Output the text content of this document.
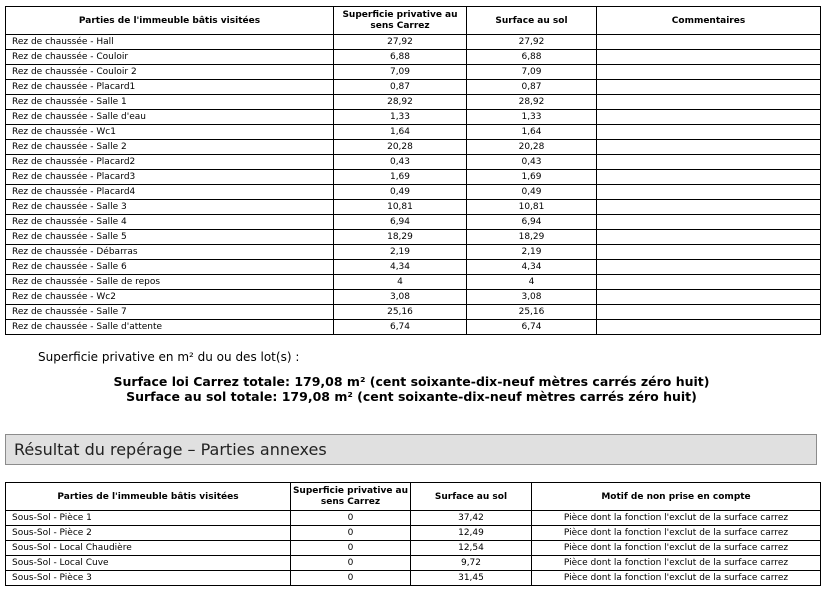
Parties de l'immeuble bâtis visitées	Superficie privative au sens Carrez	Surface au sol	Commentaires
Rez de chaussée - Hall	27,92	27,92	
Rez de chaussée - Couloir	6,88	6,88	
Rez de chaussée - Couloir 2	7,09	7,09	
Rez de chaussée - Placard1	0,87	0,87	
Rez de chaussée - Salle 1	28,92	28,92	
Rez de chaussée - Salle d'eau	1,33	1,33	
Rez de chaussée - Wc1	1,64	1,64	
Rez de chaussée - Salle 2	20,28	20,28	
Rez de chaussée - Placard2	0,43	0,43	
Rez de chaussée - Placard3	1,69	1,69	
Rez de chaussée - Placard4	0,49	0,49	
Rez de chaussée - Salle 3	10,81	10,81	
Rez de chaussée - Salle 4	6,94	6,94	
Rez de chaussée - Salle 5	18,29	18,29	
Rez de chaussée - Débarras	2,19	2,19	
Rez de chaussée - Salle 6	4,34	4,34	
Rez de chaussée - Salle de repos	4	4	
Rez de chaussée - Wc2	3,08	3,08	
Rez de chaussée - Salle 7	25,16	25,16	
Rez de chaussée - Salle d'attente	6,74	6,74	
Superficie privative en m² du ou des lot(s) :
Surface loi Carrez totale: 179,08 m² (cent soixante-dix-neuf mètres carrés zéro huit)
Surface au sol totale: 179,08 m² (cent soixante-dix-neuf mètres carrés zéro huit)
Résultat du repérage – Parties annexes
Parties de l'immeuble bâtis visitées	Superficie privative au sens Carrez	Surface au sol	Motif de non prise en compte
Sous-Sol - Pièce 1	0	37,42	Pièce dont la fonction l'exclut de la surface carrez
Sous-Sol - Pièce 2	0	12,49	Pièce dont la fonction l'exclut de la surface carrez
Sous-Sol - Local Chaudière	0	12,54	Pièce dont la fonction l'exclut de la surface carrez
Sous-Sol - Local Cuve	0	9,72	Pièce dont la fonction l'exclut de la surface carrez
Sous-Sol - Pièce 3	0	31,45	Pièce dont la fonction l'exclut de la surface carrez
